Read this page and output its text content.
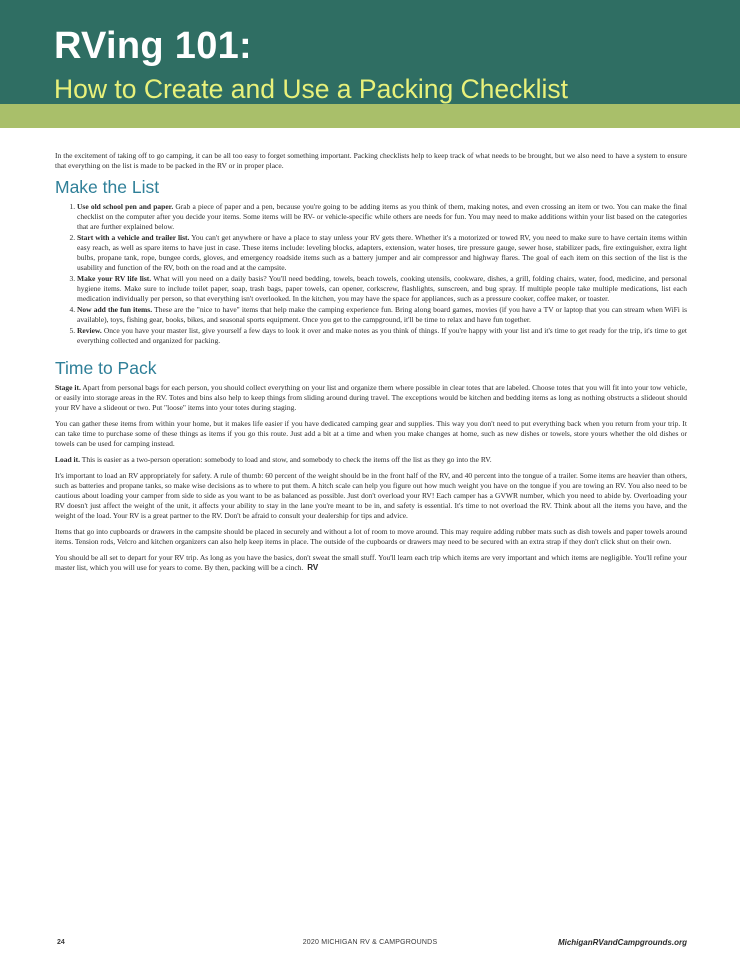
RVing 101:
How to Create and Use a Packing Checklist

In the excitement of taking off to go camping, it can be all too easy to forget something important. Packing checklists help to keep track of what needs to be brought, but we also need to have a system to ensure that everything on the list is made to be packed in the RV or in proper place.

Make the List
1. Use old school pen and paper. Grab a piece of paper and a pen, because you're going to be adding items as you think of them, making notes, and even crossing an item or two. You can make the final checklist on the computer after you decide your items. Some items will be RV- or vehicle-specific while others are needs for fun. You may need to make additions within your list based on the categories that are further explained below.
2. Start with a vehicle and trailer list. You can't get anywhere or have a place to stay unless your RV gets there. Whether it's a motorized or towed RV, you need to make sure to have certain items within easy reach, as well as spare items to have just in case. These items include: leveling blocks, adapters, extension, water hoses, tire pressure gauge, sewer hose, stabilizer pads, fire extinguisher, extra light bulbs, propane tank, rope, bungee cords, gloves, and emergency roadside items such as a battery jumper and air compressor and highway flares. The goal of each item on this section of the list is the usability and function of the RV, both on the road and at the campsite.
3. Make your RV life list. What will you need on a daily basis? You'll need bedding, towels, beach towels, cooking utensils, cookware, dishes, a grill, folding chairs, water, food, medicine, and personal hygiene items. Make sure to include toilet paper, soap, trash bags, paper towels, can opener, corkscrew, flashlights, sunscreen, and bug spray. If multiple people take multiple medications, list each medication individually per person, so that everything isn't overlooked. In the kitchen, you may have the space for appliances, such as a pressure cooker, coffee maker, or toaster.
4. Now add the fun items. These are the "nice to have" items that help make the camping experience fun. Bring along board games, movies (if you have a TV or laptop that you can stream when WiFi is available), toys, fishing gear, books, bikes, and seasonal sports equipment. Once you get to the campground, it'll be time to relax and have fun together.
5. Review. Once you have your master list, give yourself a few days to look it over and make notes as you think of things. If you're happy with your list and it's time to get ready for the trip, it's time to get everything collected and organized for packing.
Time to Pack

Stage it. Apart from personal bags for each person, you should collect everything on your list and organize them where possible in clear totes that are labeled. Choose totes that you will fit into your tow vehicle, or easily into storage areas in the RV. Totes and bins also help to keep things from sliding around during travel. The exceptions would be kitchen and bedding items as long as nothing obstructs a slideout should your RV have a slideout or two. Put "loose" items into your totes during staging.

You can gather these items from within your home, but it makes life easier if you have dedicated camping gear and supplies. This way you don't need to put everything back when you return from your trip. It can take time to purchase some of these things as items if you go this route. Just add a bit at a time and when you make changes at home, such as new dishes or towels, store yours whether the old dishes or towels can be used for camping instead.

Load it. This is easier as a two-person operation: somebody to load and stow, and somebody to check the items off the list as they go into the RV.

It's important to load an RV appropriately for safety. A rule of thumb: 60 percent of the weight should be in the front half of the RV, and 40 percent into the tongue of a trailer. Some items are heavier than others, such as batteries and propane tanks, so make wise decisions as to where to put them. A hitch scale can help you figure out how much weight you have on the tongue if you are towing an RV. You also need to be cautious about loading your camper from side to side as you want to be as balanced as possible. Just don't overload your RV! Each camper has a GVWR number, which you need to abide by. Overloading your RV doesn't just affect the weight of the unit, it affects your ability to stay in the lane you're meant to be in, and safety is essential. It's time to not overload the RV. Think about all the items you have, and the weight of the load. Your RV is a great partner to the RV. Don't be afraid to consult your dealership for tips and advice.

Items that go into cupboards or drawers in the campsite should be placed in securely and without a lot of room to move around. This may require adding rubber mats such as dish towels and paper towels around items. Tension rods, Velcro and kitchen organizers can also help keep items in place. The outside of the cupboards or drawers may need to be secured with an extra strap if they don't click shut on their own.

You should be all set to depart for your RV trip. As long as you have the basics, don't sweat the small stuff. You'll learn each trip which items are very important and which items are negligible. You'll refine your master list, which you will use for years to come. By then, packing will be a cinch. RV

24	2020 MICHIGAN RV & CAMPGROUNDS	MichiganRVandCampgrounds.org
